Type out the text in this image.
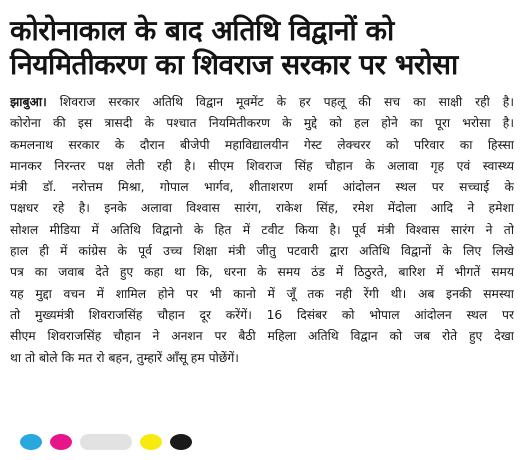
कोरोनाकाल के बाद अतिथि विद्वानों को
नियमितीकरण का शिवराज सरकार पर भरोसा
झाबुआ। शिवराज सरकार अतिथि विद्वान मूवमेंट के हर पहलू की सच का साक्षी रही है।
कोरोना की इस त्रासदी के पश्चात नियमितीकरण के मुद्दे को हल होने का पूरा भरोसा है।
कमलनाथ सरकार के दौरान बीजेपी महाविद्यालयीन गेस्ट लेक्चरर को परिवार का हिस्सा
मानकर निरन्तर पक्ष लेती रही है। सीएम शिवराज सिंह चौहान के अलावा गृह एवं स्वास्थ्य
मंत्री डॉ. नरोत्तम मिश्रा, गोपाल भार्गव, शीताशरण शर्मा आंदोलन स्थल पर सच्चाई के
पक्षधर रहे है। इनके अलावा विश्वास सारंग, राकेश सिंह, रमेश मेंदोला आदि ने हमेशा
सोशल मीडिया में अतिथि विद्वानो के हित में टवीट किया है। पूर्व मंत्री विश्वास सारंग ने तो
हाल ही में कांग्रेस के पूर्व उच्च शिक्षा मंत्री जीतु पटवारी द्वारा अतिथि विद्वानों के लिए लिखे
पत्र का जवाब देते हुए कहा था कि, धरना के समय ठंड में ठिठुरते, बारिश में भीगतें समय
यह मुद्दा वचन में शामिल होने पर भी कानो में जूँ तक नही रेंगी थी। अब इनकी समस्या
तो मुख्यमंत्री शिवराजसिंह चौहान दूर करेंगें। 16 दिसंबर को भोपाल आंदोलन स्थल पर
सीएम शिवराजसिंह चौहान ने अनशन पर बैठी महिला अतिथि विद्वान को जब रोते हुए देखा
था तो बोले कि मत रो बहन, तुम्हारें आँसू हम पोछेंगें।
